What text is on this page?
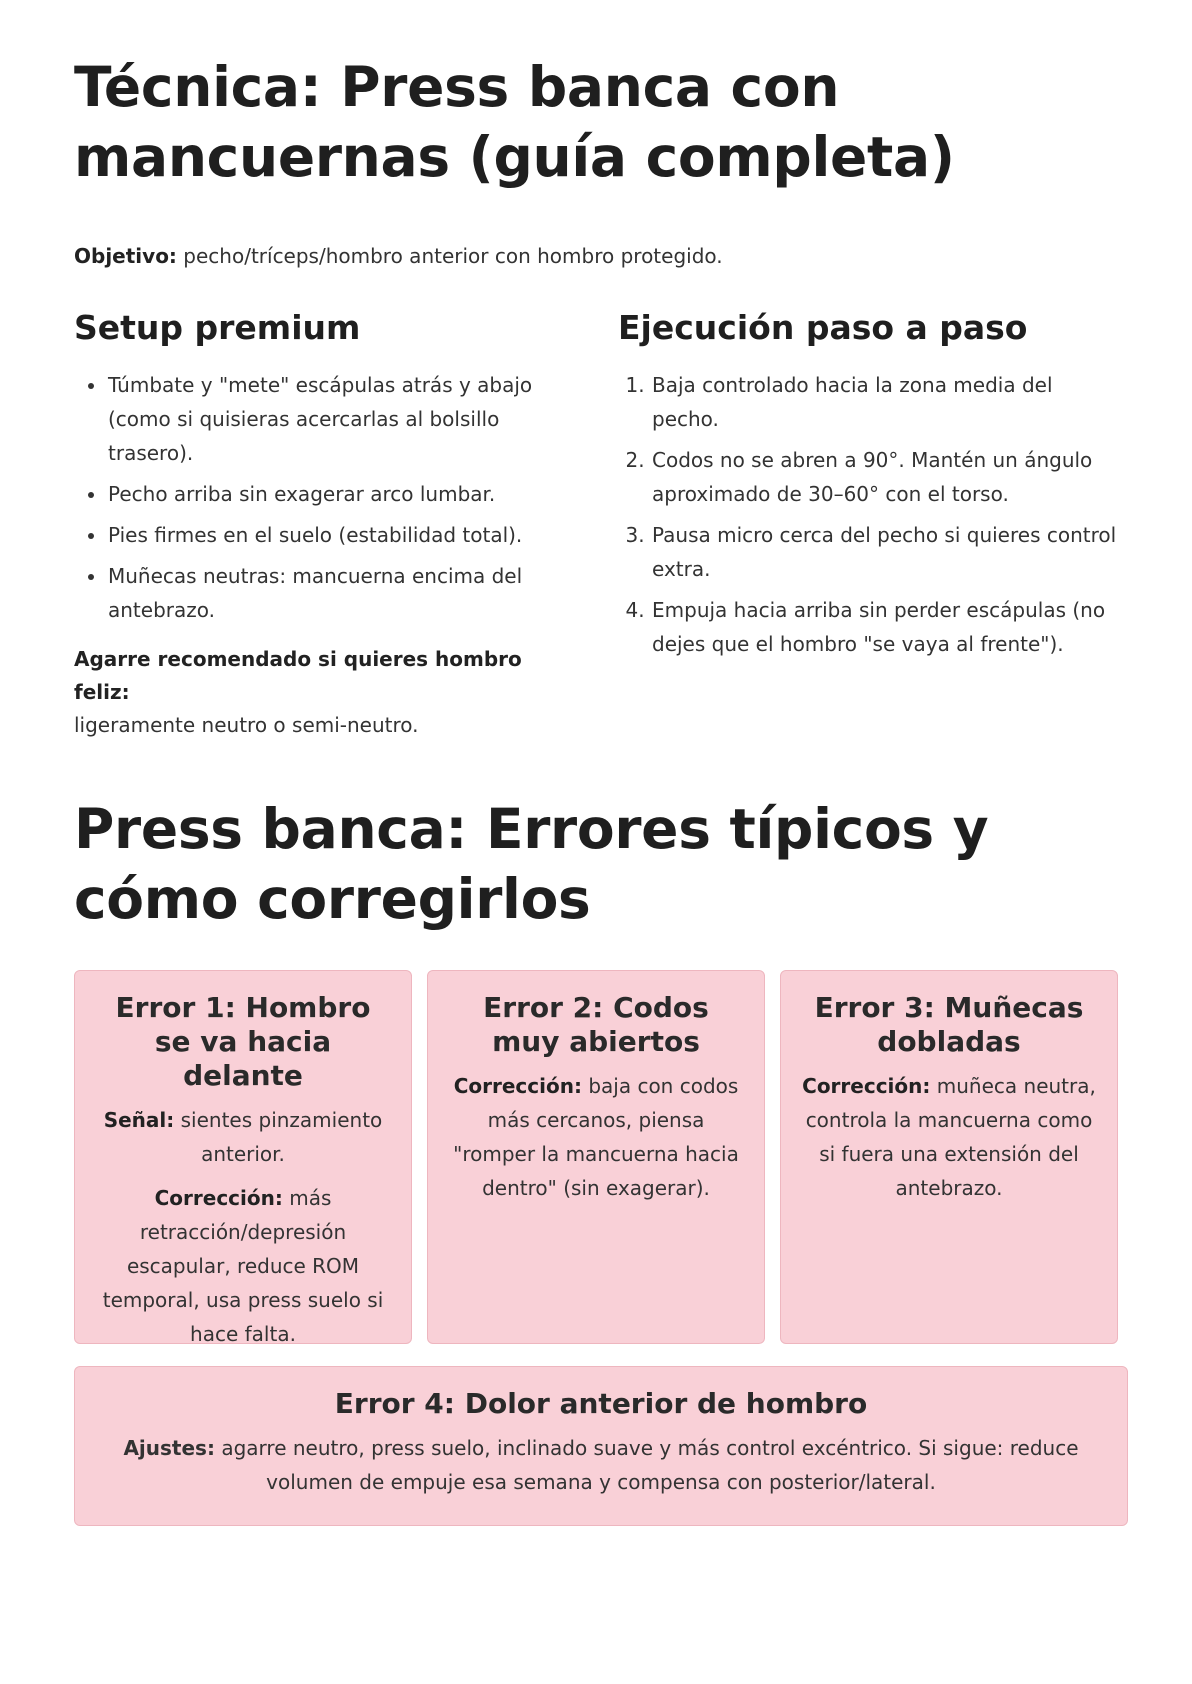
Técnica: Press banca con mancuernas (guía completa)

Objetivo: pecho/tríceps/hombro anterior con hombro protegido.

Setup premium
• Túmbate y "mete" escápulas atrás y abajo (como si quisieras acercarlas al bolsillo trasero).
• Pecho arriba sin exagerar arco lumbar.
• Pies firmes en el suelo (estabilidad total).
• Muñecas neutras: mancuerna encima del antebrazo.
Agarre recomendado si quieres hombro feliz:
ligeramente neutro o semi-neutro.
Ejecución paso a paso
1. Baja controlado hacia la zona media del pecho.
2. Codos no se abren a 90°. Mantén un ángulo aproximado de 30–60° con el torso.
3. Pausa micro cerca del pecho si quieres control extra.
4. Empuja hacia arriba sin perder escápulas (no dejes que el hombro "se vaya al frente").
Press banca: Errores típicos y cómo corregirlos
Error 1: Hombro se va hacia delante

Señal: sientes pinzamiento anterior.

Corrección: más retracción/depresión escapular, reduce ROM temporal, usa press suelo si hace falta.

Error 2: Codos muy abiertos

Corrección: baja con codos más cercanos, piensa "romper la mancuerna hacia dentro" (sin exagerar).

Error 3: Muñecas dobladas

Corrección: muñeca neutra, controla la mancuerna como si fuera una extensión del antebrazo.

Error 4: Dolor anterior de hombro

Ajustes: agarre neutro, press suelo, inclinado suave y más control excéntrico. Si sigue: reduce volumen de empuje esa semana y compensa con posterior/lateral.
